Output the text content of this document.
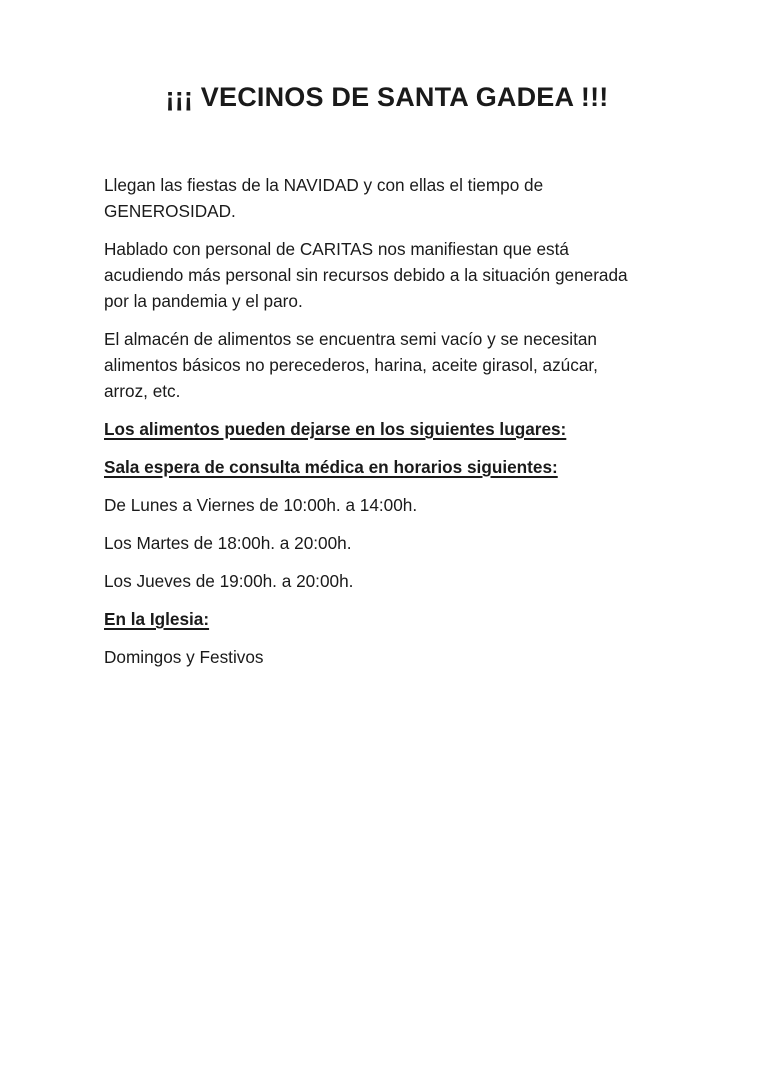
¡¡¡ VECINOS DE SANTA GADEA !!!

Llegan las fiestas de la NAVIDAD y con ellas el tiempo de GENEROSIDAD.

Hablado con personal de CARITAS nos manifiestan que está acudiendo más personal sin recursos debido a la situación generada por la pandemia y el paro.

El almacén de alimentos se encuentra semi vacío y se necesitan alimentos básicos no perecederos, harina, aceite girasol, azúcar, arroz, etc.

Los alimentos pueden dejarse en los siguientes lugares:

Sala espera de consulta médica en horarios siguientes:

De Lunes a Viernes de 10:00h. a 14:00h.

Los Martes de 18:00h. a 20:00h.

Los Jueves de 19:00h. a 20:00h.

En la Iglesia:

Domingos y Festivos
